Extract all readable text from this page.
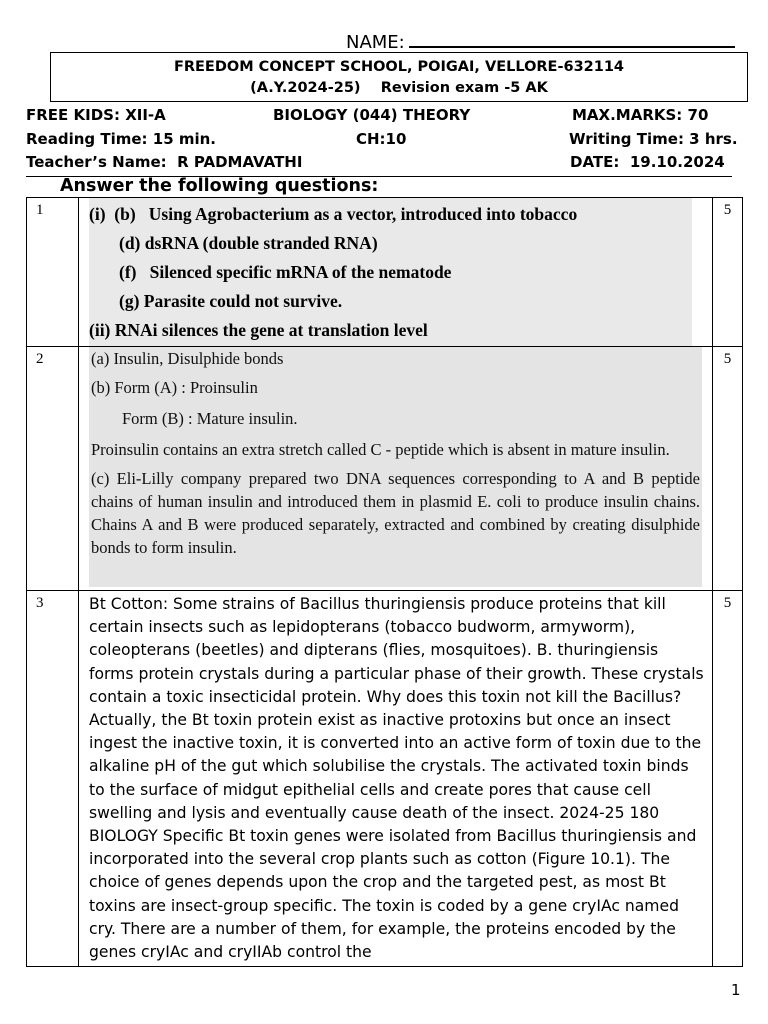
NAME:
FREEDOM CONCEPT SCHOOL, POIGAI, VELLORE-632114
(A.Y.2024-25)    Revision exam -5 AK
FREE KIDS: XII-A	BIOLOGY (044) THEORY	MAX.MARKS: 70
Reading Time: 15 min.	CH:10	Writing Time: 3 hrs.
Teacher’s Name:  R PADMAVATHI	DATE:  19.10.2024
Answer the following questions:
1	(i)  (b)   Using Agrobacterium as a vector, introduced into tobacco
(d) dsRNA (double stranded RNA)
(f)   Silenced specific mRNA of the nematode
(g) Parasite could not survive.
(ii) RNAi silences the gene at translation level	5
2	(a) Insulin, Disulphide bonds

(b) Form (A) : Proinsulin

Form (B) : Mature insulin.

Proinsulin contains an extra stretch called C - peptide which is absent in mature insulin.

(c) Eli-Lilly company prepared two DNA sequences corresponding to A and B peptide chains of human insulin and introduced them in plasmid E. coli to produce insulin chains. Chains A and B were produced separately, extracted and combined by creating disulphide bonds to form insulin.	5
3	Bt Cotton: Some strains of Bacillus thuringiensis produce proteins that kill certain insects such as lepidopterans (tobacco budworm, armyworm), coleopterans (beetles) and dipterans (flies, mosquitoes). B. thuringiensis forms protein crystals during a particular phase of their growth. These crystals contain a toxic insecticidal protein. Why does this toxin not kill the Bacillus? Actually, the Bt toxin protein exist as inactive protoxins but once an insect ingest the inactive toxin, it is converted into an active form of toxin due to the alkaline pH of the gut which solubilise the crystals. The activated toxin binds to the surface of midgut epithelial cells and create pores that cause cell swelling and lysis and eventually cause death of the insect. 2024-25 180 BIOLOGY Specific Bt toxin genes were isolated from Bacillus thuringiensis and incorporated into the several crop plants such as cotton (Figure 10.1). The choice of genes depends upon the crop and the targeted pest, as most Bt toxins are insect-group specific. The toxin is coded by a gene cryIAc named cry. There are a number of them, for example, the proteins encoded by the genes cryIAc and cryIIAb control the	5
1
